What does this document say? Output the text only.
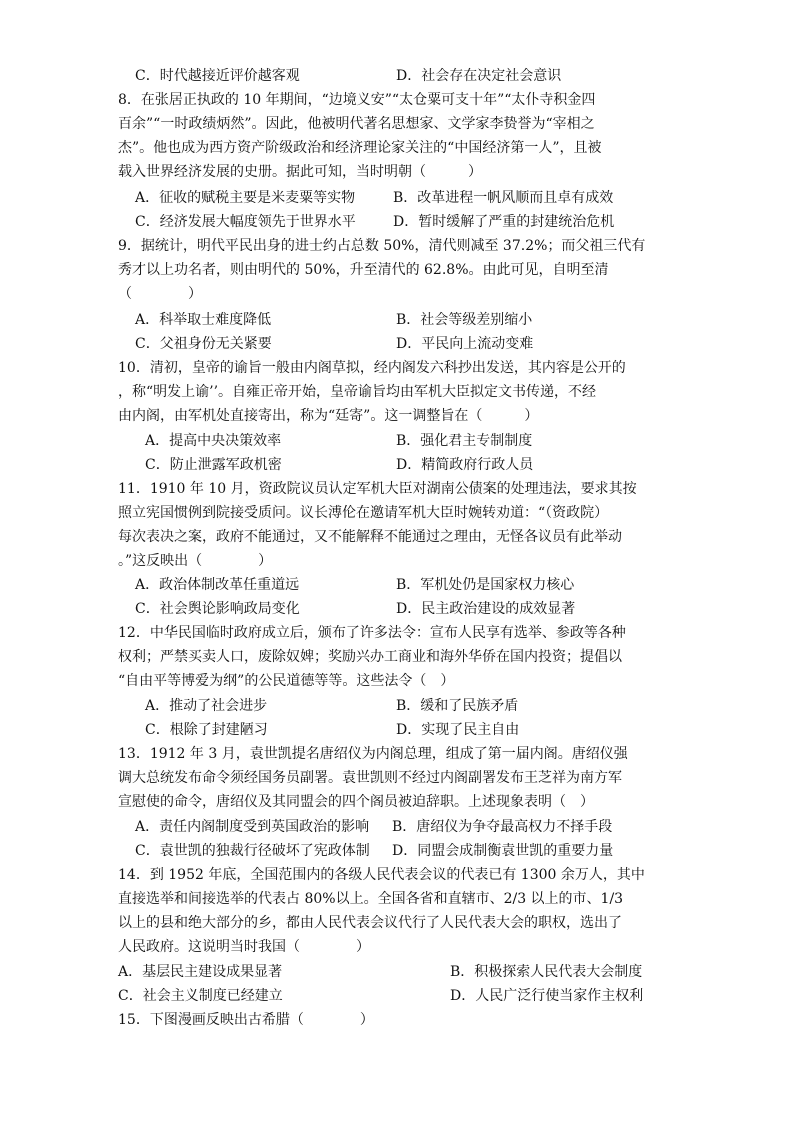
C．时代越接近评价越客观	D．社会存在决定社会意识
8．在张居正执政的 10 年期间，“边境义安”“太仓粟可支十年”“太仆寺积金四
百余”“一时政绩炳然”。因此，他被明代著名思想家、文学家李贽誉为“宰相之
杰”。他也成为西方资产阶级政治和经济理论家关注的“中国经济第一人”，且被
载入世界经济发展的史册。据此可知，当时明朝（　　　）
A．征收的赋税主要是米麦粟等实物	B．改革进程一帆风顺而且卓有成效
C．经济发展大幅度领先于世界水平	D．暂时缓解了严重的封建统治危机
9．据统计，明代平民出身的进士约占总数 50%，清代则减至 37.2%；而父祖三代有
秀才以上功名者，则由明代的 50%，升至清代的 62.8%。由此可见，自明至清
（　　　　）
A．科举取士难度降低	B．社会等级差别缩小
C．父祖身份无关紧要	D．平民向上流动变难
10．清初，皇帝的谕旨一般由内阁草拟，经内阁发六科抄出发送，其内容是公开的
，称“明发上谕’’。自雍正帝开始，皇帝谕旨均由军机大臣拟定文书传递，不经
由内阁，由军机处直接寄出，称为“廷寄”。这一调整旨在（　　　）
A．提高中央决策效率	B．强化君主专制制度
C．防止泄露军政机密	D．精简政府行政人员
11．1910 年 10 月，资政院议员认定军机大臣对湖南公债案的处理违法，要求其按
照立宪国惯例到院接受质问。议长溥伦在邀请军机大臣时婉转劝道：“（资政院）
每次表决之案，政府不能通过，又不能解释不能通过之理由，无怪各议员有此举动
。”这反映出（　　　　）
A．政治体制改革任重道远	B．军机处仍是国家权力核心
C．社会舆论影响政局变化	D．民主政治建设的成效显著
12．中华民国临时政府成立后，颁布了许多法令：宣布人民享有选举、参政等各种
权利；严禁买卖人口，废除奴婢；奖励兴办工商业和海外华侨在国内投资；提倡以
“自由平等博爱为纲”的公民道德等等。这些法令（　）
A．推动了社会进步	B．缓和了民族矛盾
C．根除了封建陋习	D．实现了民主自由
13．1912 年 3 月，袁世凯提名唐绍仪为内阁总理，组成了第一届内阁。唐绍仪强
调大总统发布命令须经国务员副署。袁世凯则不经过内阁副署发布王芝祥为南方军
宣慰使的命令，唐绍仪及其同盟会的四个阁员被迫辞职。上述现象表明（　）
A．责任内阁制度受到英国政治的影响 B．唐绍仪为争夺最高权力不择手段
C．袁世凯的独裁行径破坏了宪政体制 D．同盟会成制衡袁世凯的重要力量
14．到 1952 年底，全国范围内的各级人民代表会议的代表已有 1300 余万人，其中
直接选举和间接选举的代表占 80%以上。全国各省和直辖市、2/3 以上的市、1/3
以上的县和绝大部分的乡，都由人民代表会议代行了人民代表大会的职权，选出了
人民政府。这说明当时我国（　　　　）
A．基层民主建设成果显著	B．积极探索人民代表大会制度
C．社会主义制度已经建立	D．人民广泛行使当家作主权利
15．下图漫画反映出古希腊（　　　　）
